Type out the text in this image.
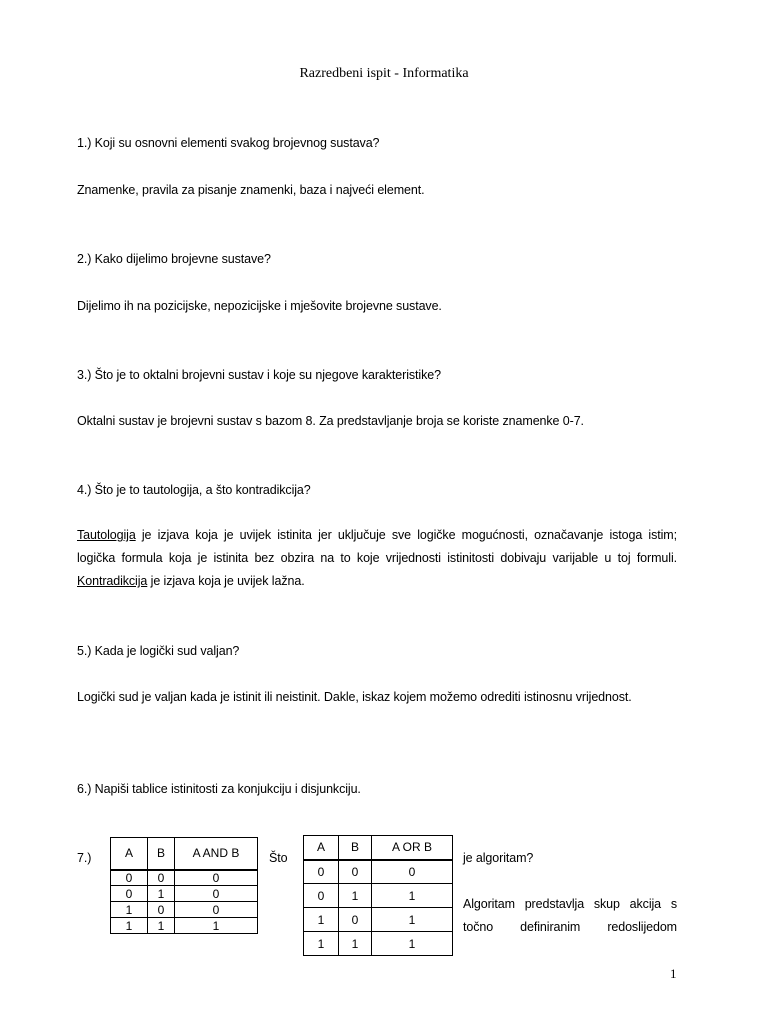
Razredbeni ispit - Informatika
1.) Koji su osnovni elementi svakog brojevnog sustava?
Znamenke, pravila za pisanje znamenki, baza i najveći element.
2.) Kako dijelimo brojevne sustave?
Dijelimo ih na pozicijske, nepozicijske i mješovite brojevne sustave.
3.) Što je to oktalni brojevni sustav i koje su njegove karakteristike?
Oktalni sustav je brojevni sustav s bazom 8. Za predstavljanje broja se koriste znamenke 0-7.
4.) Što je to tautologija, a što kontradikcija?
Tautologija je izjava koja je uvijek istinita jer uključuje sve logičke mogućnosti, označavanje istoga istim; logička formula koja je istinita bez obzira na to koje vrijednosti istinitosti dobivaju varijable u toj formuli. Kontradikcija je izjava koja je uvijek lažna.
5.) Kada je logički sud valjan?
Logički sud je valjan kada je istinit ili neistinit. Dakle, iskaz kojem možemo odrediti istinosnu vrijednost.
6.) Napiši tablice istinitosti za konjukciju i disjunkciju.
7.)	A	B	A AND B
0	0	0
0	1	0
1	0	0
1	1	1
Što
A	B	A OR B
0	0	0
0	1	1
1	0	1
1	1	1
je algoritam?
Algoritam predstavlja skup akcija s točno definiranim redoslijedom
1
